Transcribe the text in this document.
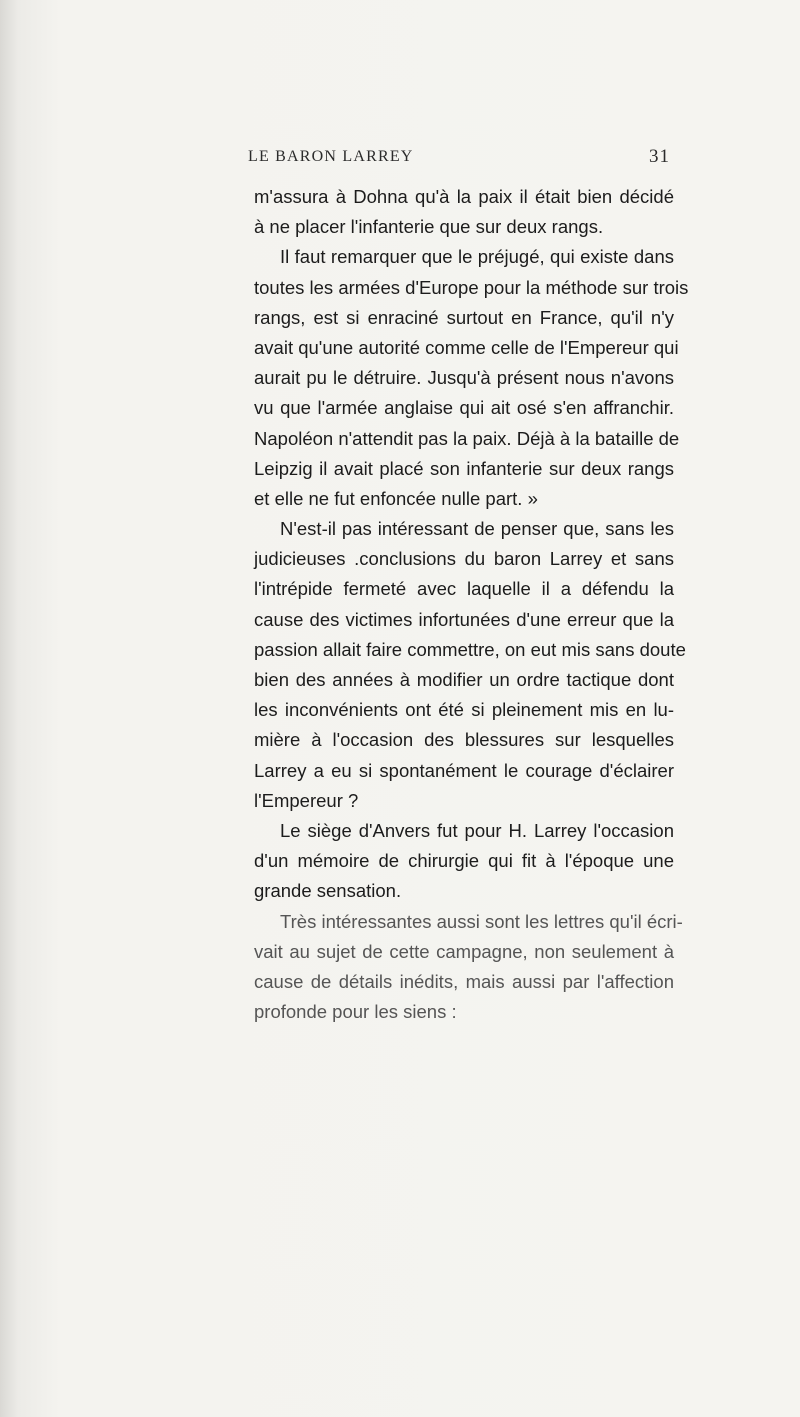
LE BARON LARREY	31
m'assura à Dohna qu'à la paix il était bien décidé
à ne placer l'infanterie que sur deux rangs.
Il faut remarquer que le préjugé, qui existe dans
toutes les armées d'Europe pour la méthode sur trois
rangs, est si enraciné surtout en France, qu'il n'y
avait qu'une autorité comme celle de l'Empereur qui
aurait pu le détruire. Jusqu'à présent nous n'avons
vu que l'armée anglaise qui ait osé s'en affranchir.
Napoléon n'attendit pas la paix. Déjà à la bataille de
Leipzig il avait placé son infanterie sur deux rangs
et elle ne fut enfoncée nulle part. »
N'est-il pas intéressant de penser que, sans les
judicieuses .conclusions du baron Larrey et sans
l'intrépide fermeté avec laquelle il a défendu la
cause des victimes infortunées d'une erreur que la
passion allait faire commettre, on eut mis sans doute
bien des années à modifier un ordre tactique dont
les inconvénients ont été si pleinement mis en lu-
mière à l'occasion des blessures sur lesquelles
Larrey a eu si spontanément le courage d'éclairer
l'Empereur ?
Le siège d'Anvers fut pour H. Larrey l'occasion
d'un mémoire de chirurgie qui fit à l'époque une
grande sensation.
Très intéressantes aussi sont les lettres qu'il écri-
vait au sujet de cette campagne, non seulement à
cause de détails inédits, mais aussi par l'affection
profonde pour les siens :
